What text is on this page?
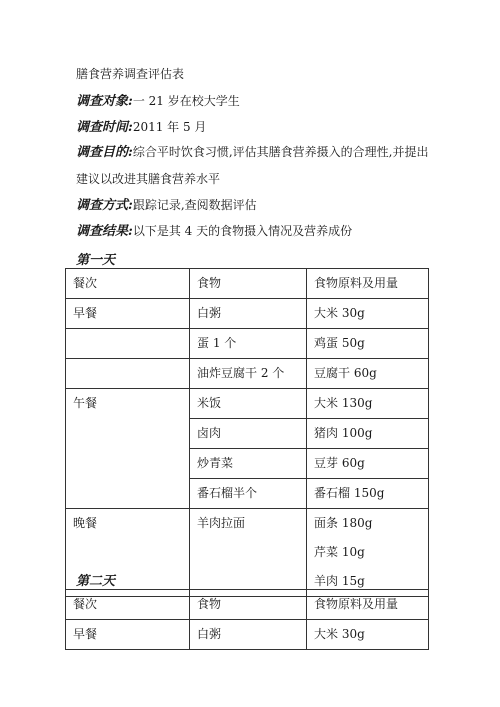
膳食营养调查评估表
调查对象:一 21 岁在校大学生
调查时间:2011 年 5 月
调查目的:综合平时饮食习惯,评估其膳食营养摄入的合理性,并提出建议以改进其膳食营养水平
调查方式:跟踪记录,查阅数据评估
调查结果:以下是其 4 天的食物摄入情况及营养成份
第一天
餐次	食物	食物原料及用量

早餐	白粥	大米 30g

	蛋 1 个	鸡蛋 50g

	油炸豆腐干 2 个	豆腐干 60g

午餐	米饭	大米 130g

	卤肉	猪肉 100g

	炒青菜	豆芽 60g

	番石榴半个	番石榴 150g

晚餐	羊肉拉面	面条 180g
芹菜 10g
羊肉 15g
第二天
餐次	食物	食物原料及用量

早餐	白粥	大米 30g
